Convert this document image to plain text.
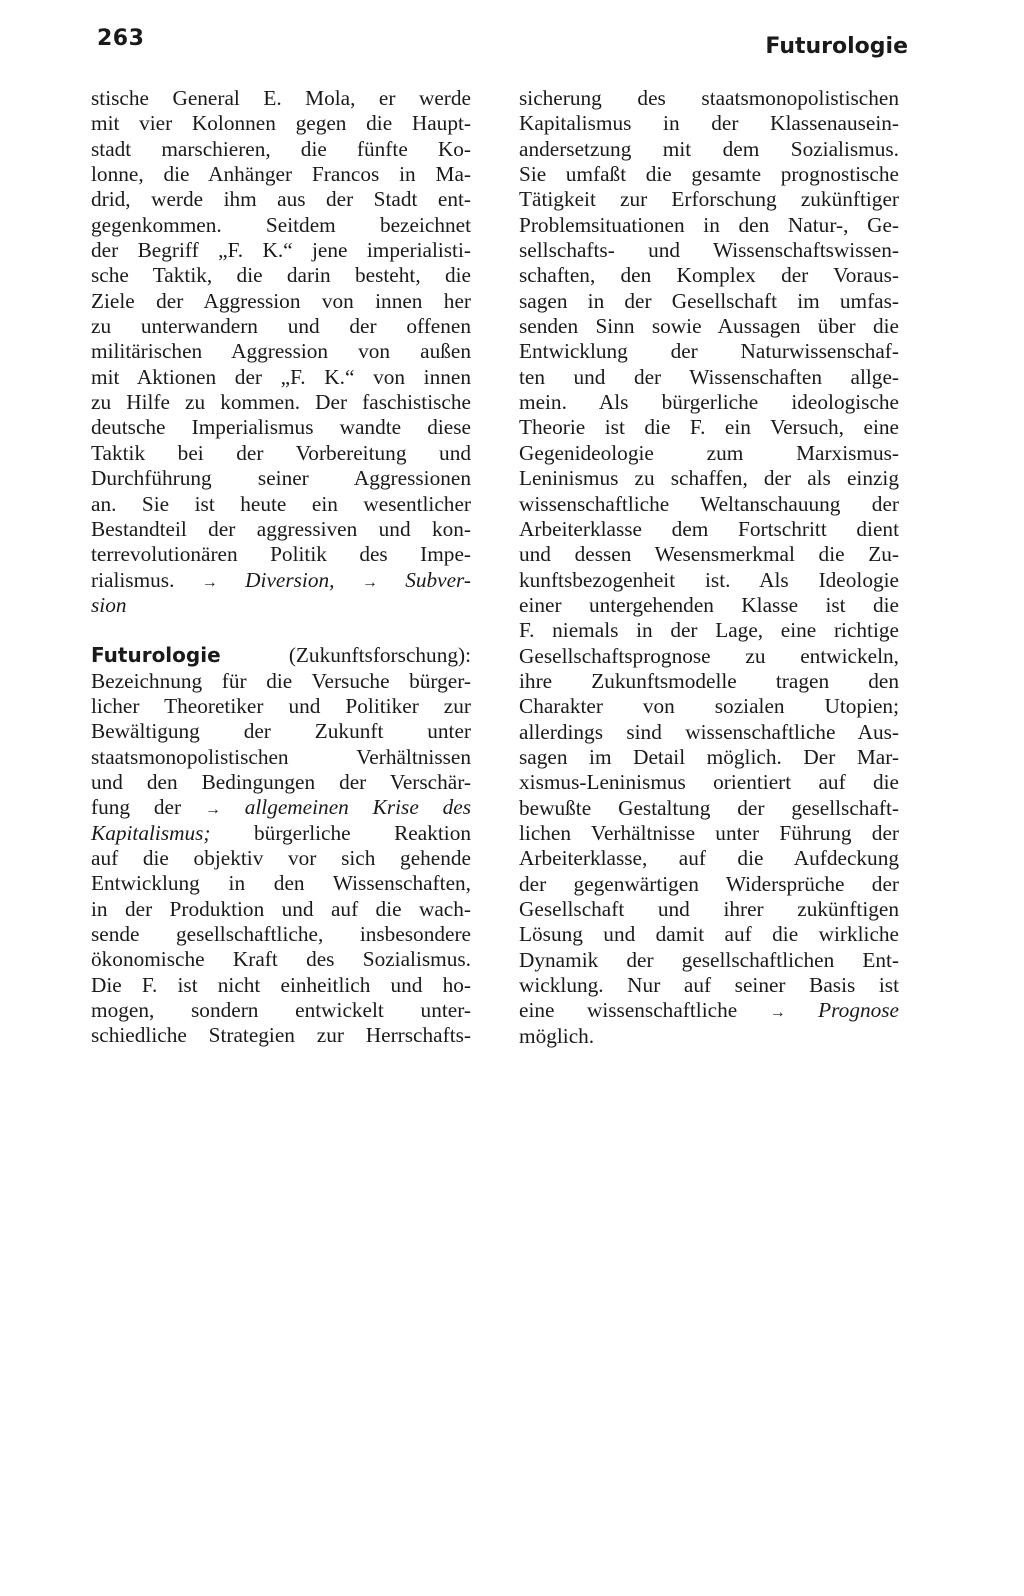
263	Futurologie
stische General E. Mola, er werde
mit vier Kolonnen gegen die Haupt-
stadt marschieren, die fünfte Ko-
lonne, die Anhänger Francos in Ma-
drid, werde ihm aus der Stadt ent-
gegenkommen. Seitdem bezeichnet
der Begriff „F. K.“ jene imperialisti-
sche Taktik, die darin besteht, die
Ziele der Aggression von innen her
zu unterwandern und der offenen
militärischen Aggression von außen
mit Aktionen der „F. K.“ von innen
zu Hilfe zu kommen. Der faschistische
deutsche Imperialismus wandte diese
Taktik bei der Vorbereitung und
Durchführung seiner Aggressionen
an. Sie ist heute ein wesentlicher
Bestandteil der aggressiven und kon-
terrevolutionären Politik des Impe-
rialismus. → Diversion, → Subver-
sion
Futurologie	(Zukunftsforschung):
Bezeichnung für die Versuche bürger-
licher Theoretiker und Politiker zur
Bewältigung der Zukunft unter
staatsmonopolistischen Verhältnissen
und den Bedingungen der Verschär-
fung der → allgemeinen Krise des
Kapitalismus; bürgerliche Reaktion
auf die objektiv vor sich gehende
Entwicklung in den Wissenschaften,
in der Produktion und auf die wach-
sende gesellschaftliche, insbesondere
ökonomische Kraft des Sozialismus.
Die F. ist nicht einheitlich und ho-
mogen, sondern entwickelt unter-
schiedliche Strategien zur Herrschafts-
sicherung des staatsmonopolistischen
Kapitalismus in der Klassenausein-
andersetzung mit dem Sozialismus.
Sie umfaßt die gesamte prognostische
Tätigkeit zur Erforschung zukünftiger
Problemsituationen in den Natur-, Ge-
sellschafts- und Wissenschaftswissen-
schaften, den Komplex der Voraus-
sagen in der Gesellschaft im umfas-
senden Sinn sowie Aussagen über die
Entwicklung der Naturwissenschaf-
ten und der Wissenschaften allge-
mein. Als bürgerliche ideologische
Theorie ist die F. ein Versuch, eine
Gegenideologie zum Marxismus-
Leninismus zu schaffen, der als einzig
wissenschaftliche Weltanschauung der
Arbeiterklasse dem Fortschritt dient
und dessen Wesensmerkmal die Zu-
kunftsbezogenheit ist. Als Ideologie
einer untergehenden Klasse ist die
F. niemals in der Lage, eine richtige
Gesellschaftsprognose zu entwickeln,
ihre Zukunftsmodelle tragen den
Charakter von sozialen Utopien;
allerdings sind wissenschaftliche Aus-
sagen im Detail möglich. Der Mar-
xismus-Leninismus orientiert auf die
bewußte Gestaltung der gesellschaft-
lichen Verhältnisse unter Führung der
Arbeiterklasse, auf die Aufdeckung
der gegenwärtigen Widersprüche der
Gesellschaft und ihrer zukünftigen
Lösung und damit auf die wirkliche
Dynamik der gesellschaftlichen Ent-
wicklung. Nur auf seiner Basis ist
eine wissenschaftliche → Prognose
möglich.
